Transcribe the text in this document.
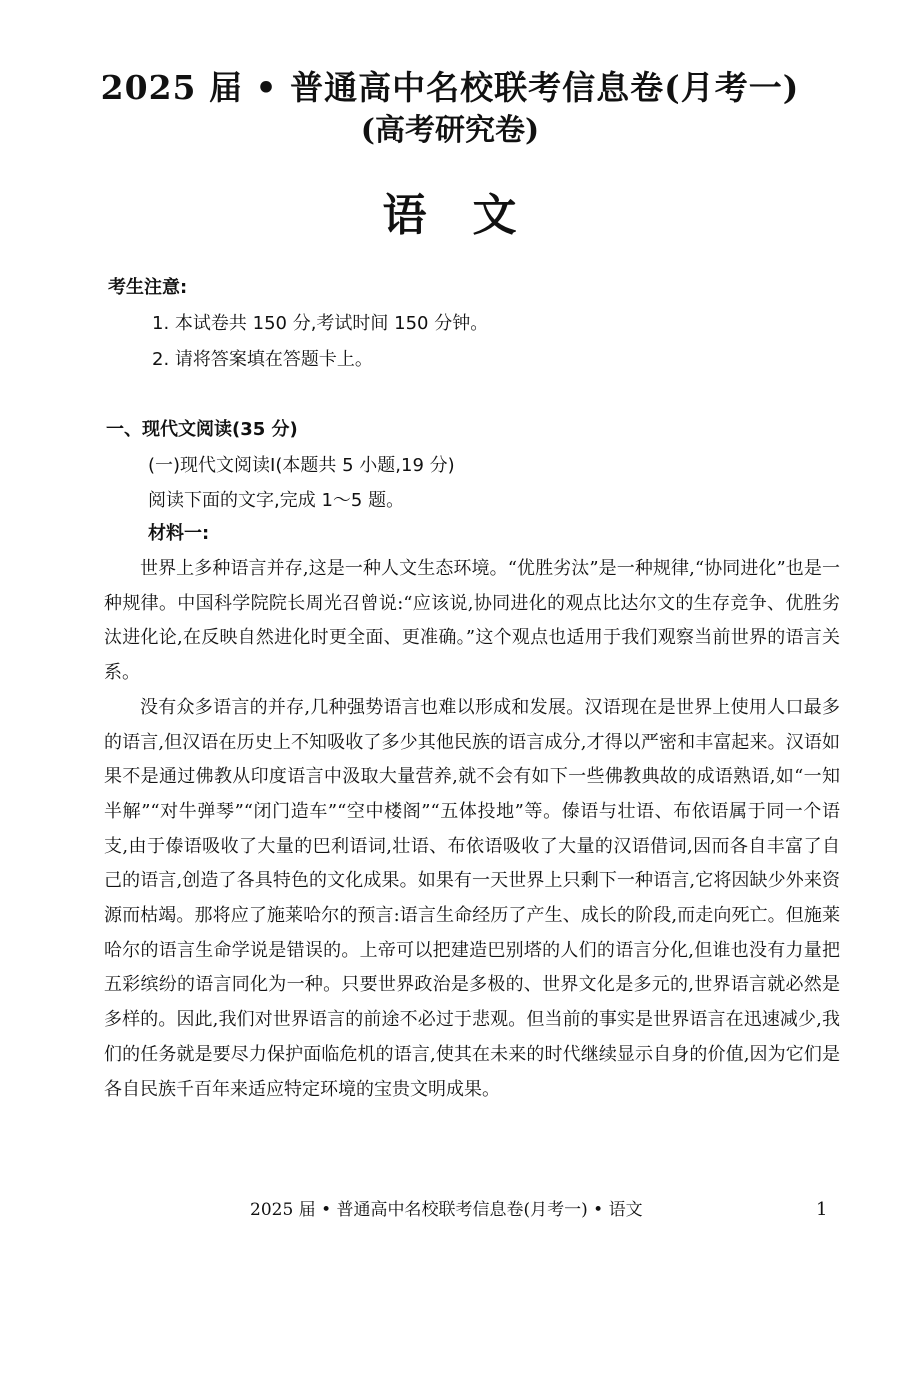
2025 届 • 普通高中名校联考信息卷(月考一)
(高考研究卷)
语　文
考生注意:
1. 本试卷共 150 分,考试时间 150 分钟。
2. 请将答案填在答题卡上。
一、现代文阅读(35 分)
(一)现代文阅读Ⅰ(本题共 5 小题,19 分)
阅读下面的文字,完成 1～5 题。
材料一:

世界上多种语言并存,这是一种人文生态环境。“优胜劣汰”是一种规律,“协同进化”也是一种规律。中国科学院院长周光召曾说:“应该说,协同进化的观点比达尔文的生存竞争、优胜劣汰进化论,在反映自然进化时更全面、更准确。”这个观点也适用于我们观察当前世界的语言关系。

没有众多语言的并存,几种强势语言也难以形成和发展。汉语现在是世界上使用人口最多的语言,但汉语在历史上不知吸收了多少其他民族的语言成分,才得以严密和丰富起来。汉语如果不是通过佛教从印度语言中汲取大量营养,就不会有如下一些佛教典故的成语熟语,如“一知半解”“对牛弹琴”“闭门造车”“空中楼阁”“五体投地”等。傣语与壮语、布依语属于同一个语支,由于傣语吸收了大量的巴利语词,壮语、布依语吸收了大量的汉语借词,因而各自丰富了自己的语言,创造了各具特色的文化成果。如果有一天世界上只剩下一种语言,它将因缺少外来资源而枯竭。那将应了施莱哈尔的预言:语言生命经历了产生、成长的阶段,而走向死亡。但施莱哈尔的语言生命学说是错误的。上帝可以把建造巴别塔的人们的语言分化,但谁也没有力量把五彩缤纷的语言同化为一种。只要世界政治是多极的、世界文化是多元的,世界语言就必然是多样的。因此,我们对世界语言的前途不必过于悲观。但当前的事实是世界语言在迅速减少,我们的任务就是要尽力保护面临危机的语言,使其在未来的时代继续显示自身的价值,因为它们是各自民族千百年来适应特定环境的宝贵文明成果。

2025 届 • 普通高中名校联考信息卷(月考一) • 语文	1
